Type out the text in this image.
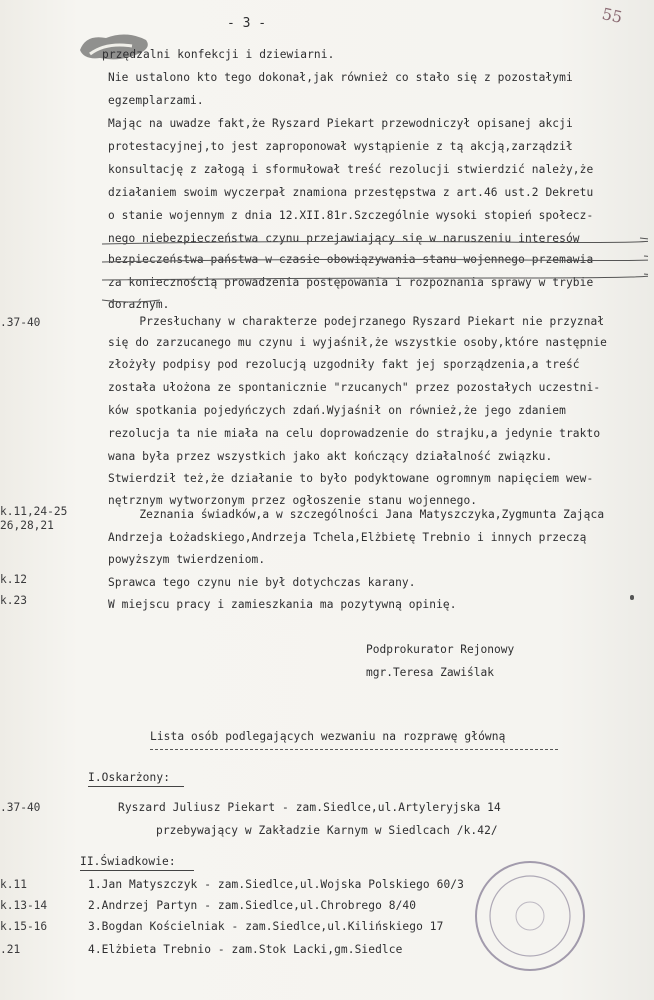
- 3 -	55
przędzalni konfekcji i dziewiarni.
Nie ustalono kto tego dokonał,jak również co stało się z pozostałymi
egzemplarzami.
Mając na uwadze fakt,że Ryszard Piekart przewodniczył opisanej akcji
protestacyjnej,to jest zaproponował wystąpienie z tą akcją,zarządził
konsultację z załogą i sformułował treść rezolucji stwierdzić należy,że
działaniem swoim wyczerpał znamiona przestępstwa z art.46 ust.2 Dekretu
o stanie wojennym z dnia 12.XII.81r.Szczególnie wysoki stopień społecz-
nego niebezpieczeństwa czynu przejawiający się w naruszeniu interesów
bezpieczeństwa państwa w czasie obowiązywania stanu wojennego przemawia
za koniecznością prowadzenia postępowania i rozpoznania sprawy w trybie
doraźnym.
Przesłuchany w charakterze podejrzanego Ryszard Piekart nie przyznał
się do zarzucanego mu czynu i wyjaśnił,że wszystkie osoby,które następnie
złożyły podpisy pod rezolucją uzgodniły fakt jej sporządzenia,a treść
została ułożona ze spontanicznie "rzucanych" przez pozostałych uczestni-
ków spotkania pojedyńczych zdań.Wyjaśnił on również,że jego zdaniem
rezolucja ta nie miała na celu doprowadzenie do strajku,a jedynie trakto
wana była przez wszystkich jako akt kończący działalność związku.
Stwierdził też,że działanie to było podyktowane ogromnym napięciem wew-
nętrznym wytworzonym przez ogłoszenie stanu wojennego.
Zeznania świadków,a w szczególności Jana Matyszczyka,Zygmunta Zająca
Andrzeja Łożadskiego,Andrzeja Tchela,Elżbietę Trebnio i innych przeczą
powyższym twierdzeniom.
Sprawca tego czynu nie był dotychczas karany.
W miejscu pracy i zamieszkania ma pozytywną opinię.
.37-40
k.11,24-25
26,28,21
k.12
k.23
Podprokurator Rejonowy
mgr.Teresa Zawiślak
Lista osób podlegających wezwaniu na rozprawę główną
I.Oskarżony:
.37-40	Ryszard Juliusz Piekart - zam.Siedlce,ul.Artyleryjska 14
przebywający w Zakładzie Karnym w Siedlcach /k.42/
II.Świadkowie:
k.11	1.Jan Matyszczyk - zam.Siedlce,ul.Wojska Polskiego 60/3
k.13-14	2.Andrzej Partyn - zam.Siedlce,ul.Chrobrego 8/40
k.15-16	3.Bogdan Kościelniak - zam.Siedlce,ul.Kilińskiego 17
.21	4.Elżbieta Trebnio - zam.Stok Lacki,gm.Siedlce
